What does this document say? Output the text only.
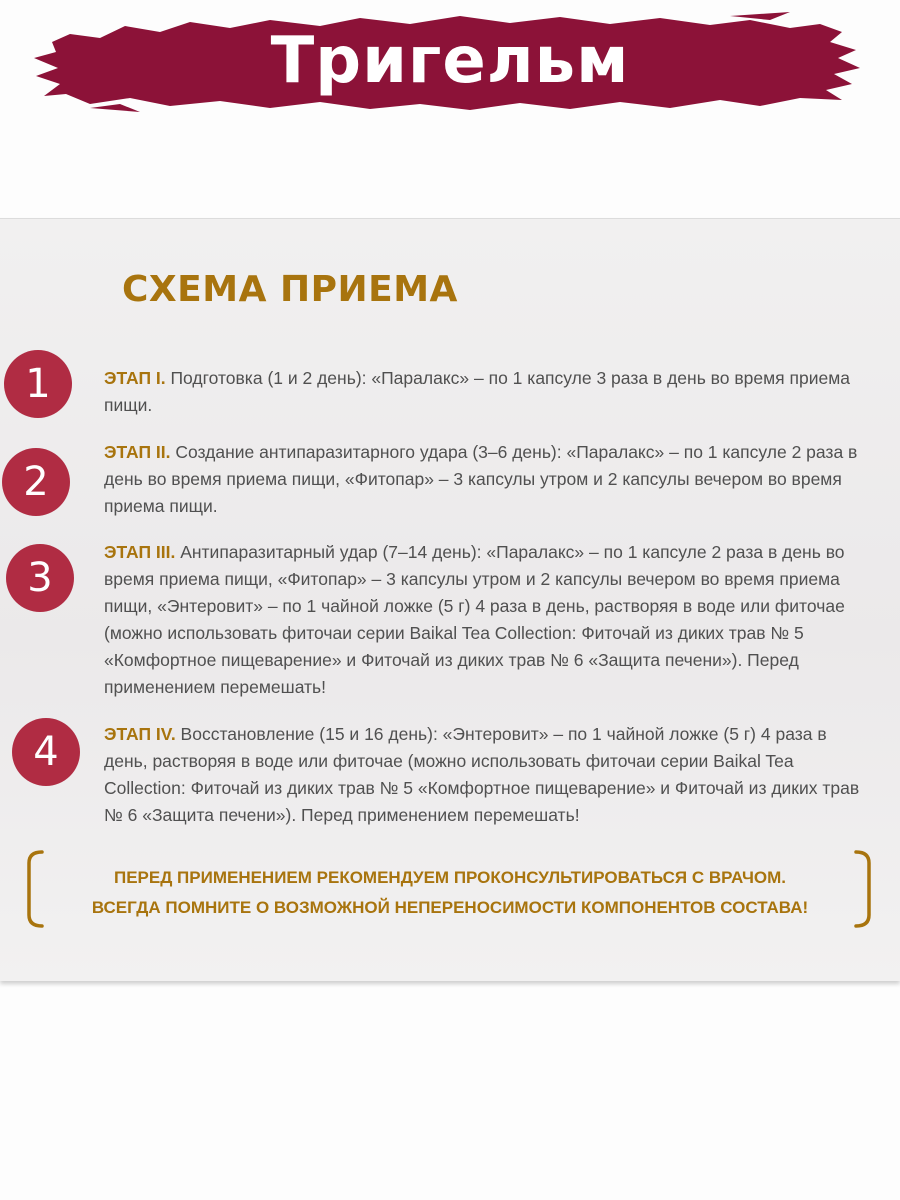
Тригельм
СХЕМА ПРИЕМА
1	ЭТАП I. Подготовка (1 и 2 день): «Паралакс» – по 1 капсуле 3 раза в день во время приема пищи.

2

ЭТАП II. Создание антипаразитарного удара (3–6 день): «Паралакс» – по 1 капсуле 2 раза в день во время приема пищи, «Фитопар» – 3 капсулы утром и 2 капсулы вечером во время приема пищи.

3

ЭТАП III. Антипаразитарный удар (7–14 день): «Паралакс» – по 1 капсуле 2 раза в день во время приема пищи, «Фитопар» – 3 капсулы утром и 2 капсулы вечером во время приема пищи, «Энтеровит» – по 1 чайной ложке (5 г) 4 раза в день, растворяя в воде или фиточае (можно использовать фиточаи серии Baikal Tea Collection: Фиточай из диких трав № 5 «Комфортное пищеварение» и Фиточай из диких трав № 6 «Защита печени»). Перед применением перемешать!

4	ЭТАП IV. Восстановление (15 и 16 день): «Энтеровит» – по 1 чайной ложке (5 г) 4 раза в день, растворяя в воде или фиточае (можно использовать фиточаи серии Baikal Tea Collection: Фиточай из диких трав № 5 «Комфортное пищеварение» и Фиточай из диких трав № 6 «Защита печени»). Перед применением перемешать!

ПЕРЕД ПРИМЕНЕНИЕМ РЕКОМЕНДУЕМ ПРОКОНСУЛЬТИРОВАТЬСЯ С ВРАЧОМ.
ВСЕГДА ПОМНИТЕ О ВОЗМОЖНОЙ НЕПЕРЕНОСИМОСТИ КОМПОНЕНТОВ СОСТАВА!
